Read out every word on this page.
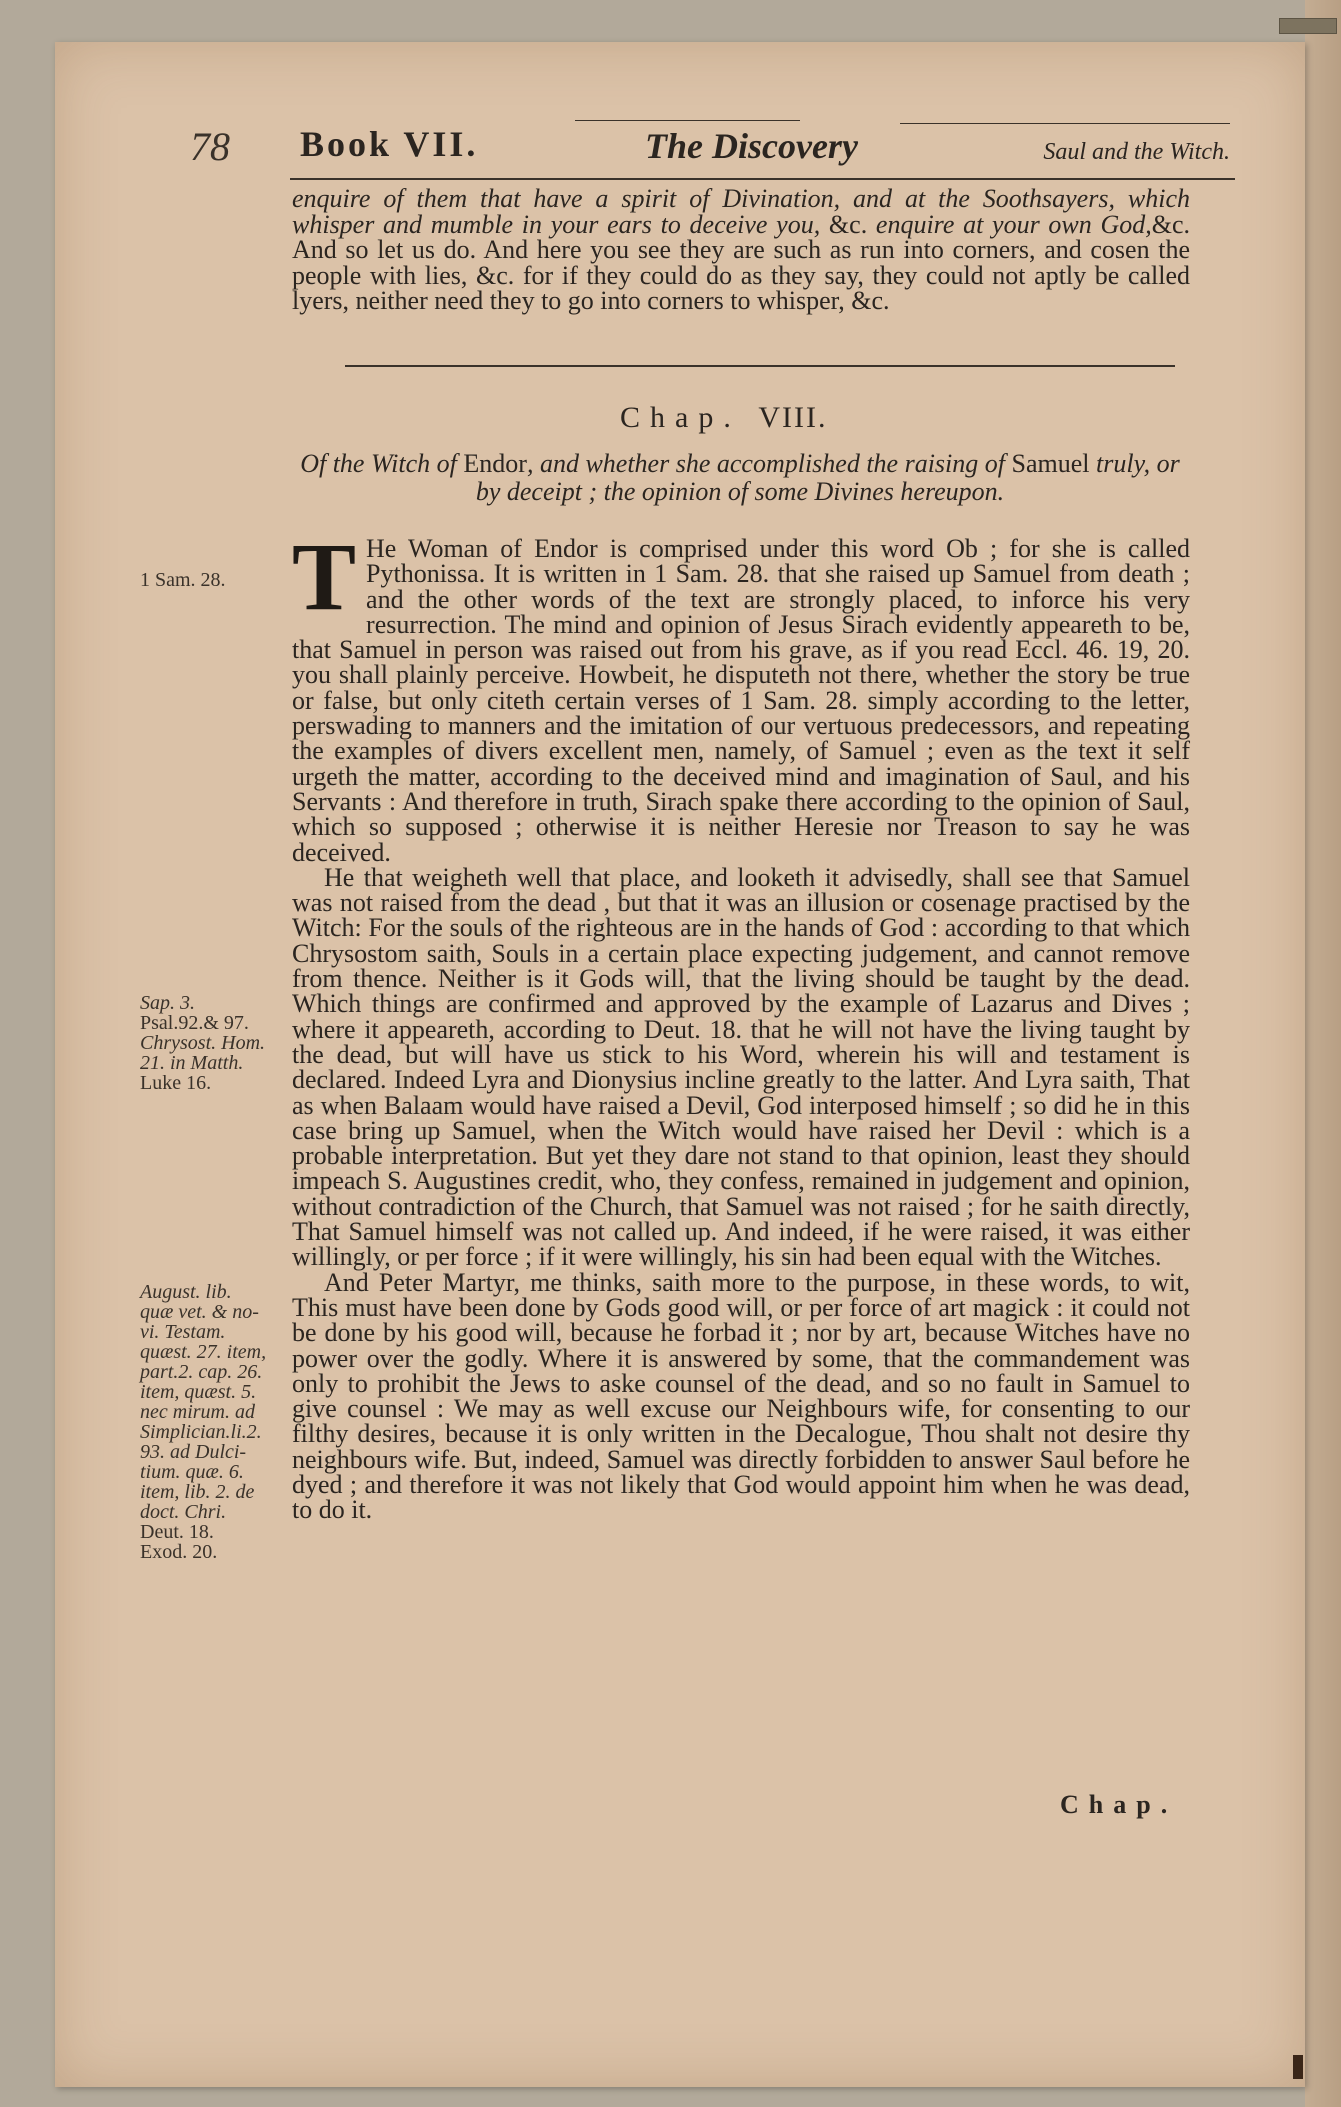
78 Book VII.	The Discovery	Saul and the Witch.

enquire of them that have a spirit of Divination, and at the Soothsayers, which whisper and mumble in your ears to deceive you, &c. enquire at your own God,&c. And so let us do. And here you see they are such as run into corners, and cosen the people with lies, &c. for if they could do as they say, they could not aptly be called lyers, neither need they to go into corners to whisper, &c.

Chap. VIII.
Of the Witch of Endor, and whether she accomplished the raising of Samuel truly, or
by deceipt ; the opinion of some Divines hereupon.

T He Woman of Endor is comprised under this word Ob ; for she is called Pythonissa. It is written in 1 Sam. 28. that she raised up Samuel from death ; and the other words of the text are strongly placed, to inforce his very resurrection. The mind and opinion of Jesus Sirach evidently appeareth to be, that Samuel in person was raised out from his grave, as if you read Eccl. 46. 19, 20. you shall plainly perceive. Howbeit, he disputeth not there, whether the story be true or false, but only citeth certain verses of 1 Sam. 28. simply according to the letter, perswading to manners and the imitation of our vertuous predecessors, and repeating the examples of divers excellent men, namely, of Samuel ; even as the text it self urgeth the matter, according to the deceived mind and imagination of Saul, and his Servants : And therefore in truth, Sirach spake there according to the opinion of Saul, which so supposed ; otherwise it is neither Heresie nor Treason to say he was deceived.

He that weigheth well that place, and looketh it advisedly, shall see that Samuel was not raised from the dead , but that it was an illusion or cosenage practised by the Witch: For the souls of the righteous are in the hands of God : according to that which Chrysostom saith, Souls in a certain place expecting judgement, and cannot remove from thence. Neither is it Gods will, that the living should be taught by the dead. Which things are confirmed and approved by the example of Lazarus and Dives ; where it appeareth, according to Deut. 18. that he will not have the living taught by the dead, but will have us stick to his Word, wherein his will and testament is declared. Indeed Lyra and Dionysius incline greatly to the latter. And Lyra saith, That as when Balaam would have raised a Devil, God interposed himself ; so did he in this case bring up Samuel, when the Witch would have raised her Devil : which is a probable interpretation. But yet they dare not stand to that opinion, least they should impeach S. Augustines credit, who, they confess, remained in judgement and opinion, without contradiction of the Church, that Samuel was not raised ; for he saith directly, That Samuel himself was not called up. And indeed, if he were raised, it was either willingly, or per force ; if it were willingly, his sin had been equal with the Witches.

And Peter Martyr, me thinks, saith more to the purpose, in these words, to wit, This must have been done by Gods good will, or per force of art magick : it could not be done by his good will, because he forbad it ; nor by art, because Witches have no power over the godly. Where it is answered by some, that the commandement was only to prohibit the Jews to aske counsel of the dead, and so no fault in Samuel to give counsel : We may as well excuse our Neighbours wife, for consenting to our filthy desires, because it is only written in the Decalogue, Thou shalt not desire thy neighbours wife. But, indeed, Samuel was directly forbidden to answer Saul before he dyed ; and therefore it was not likely that God would appoint him when he was dead, to do it.

1 Sam. 28.
Sap. 3.
Psal.92.& 97.
Chrysost. Hom.
21. in Matth.
Luke 16.
August. lib.
quæ vet. & no-
vi. Testam.
quæst. 27. item,
part.2. cap. 26.
item, quæst. 5.
nec mirum. ad
Simplician.li.2.
93. ad Dulci-
tium. quæ. 6.
item, lib. 2. de
doct. Chri.
Deut. 18.
Exod. 20.
Chap.
